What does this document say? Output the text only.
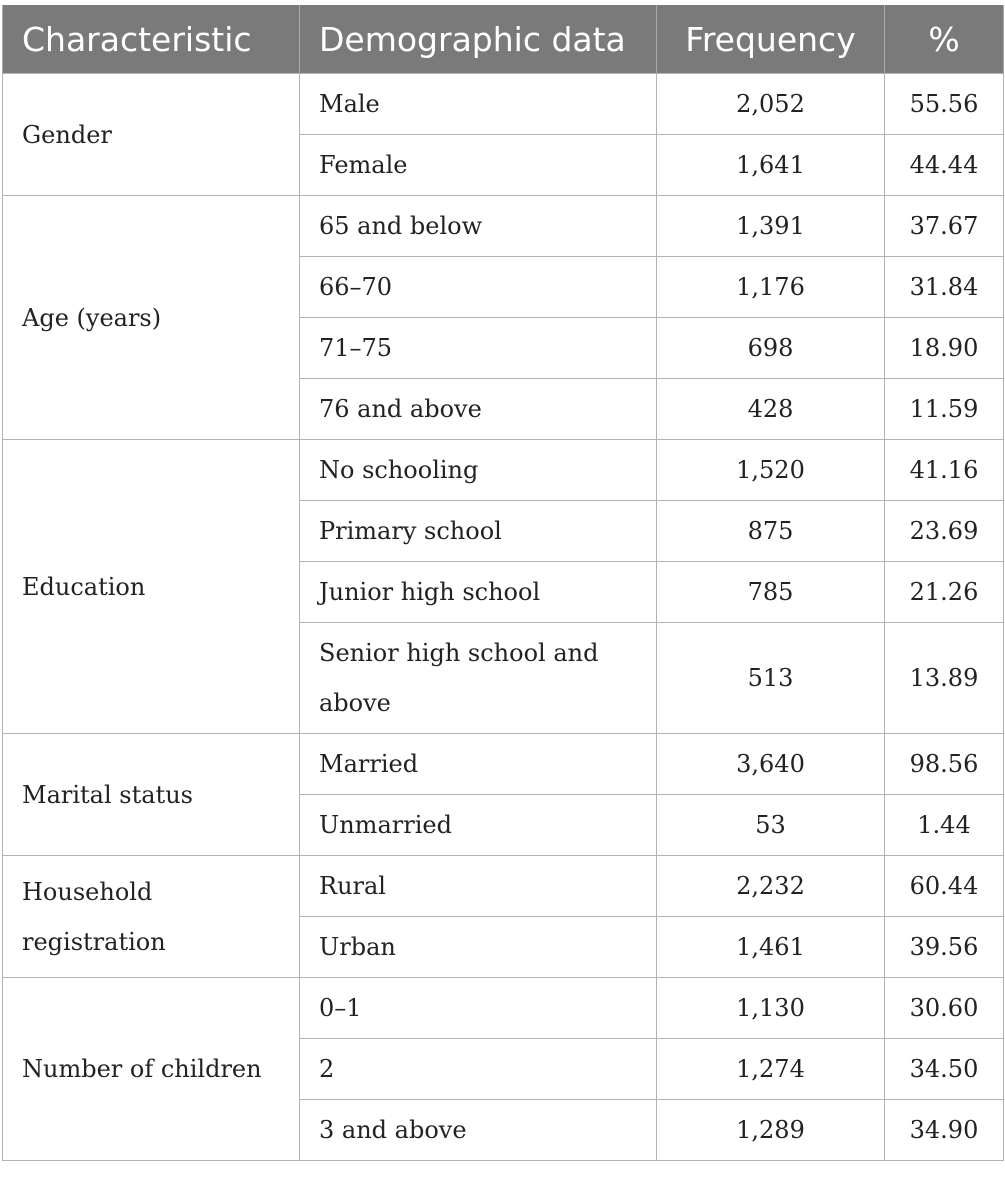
Characteristic	Demographic data	Frequency	%
Gender	Male	2,052	55.56
	Female	1,641	44.44
Age (years)	65 and below	1,391	37.67
	66–70	1,176	31.84
	71–75	698	18.90
	76 and above	428	11.59
Education	No schooling	1,520	41.16
	Primary school	875	23.69
	Junior high school	785	21.26
	Senior high school and above	513	13.89
Marital status	Married	3,640	98.56
	Unmarried	53	1.44
Household registration	Rural	2,232	60.44
	Urban	1,461	39.56
Number of children	0–1	1,130	30.60
	2	1,274	34.50
	3 and above	1,289	34.90
